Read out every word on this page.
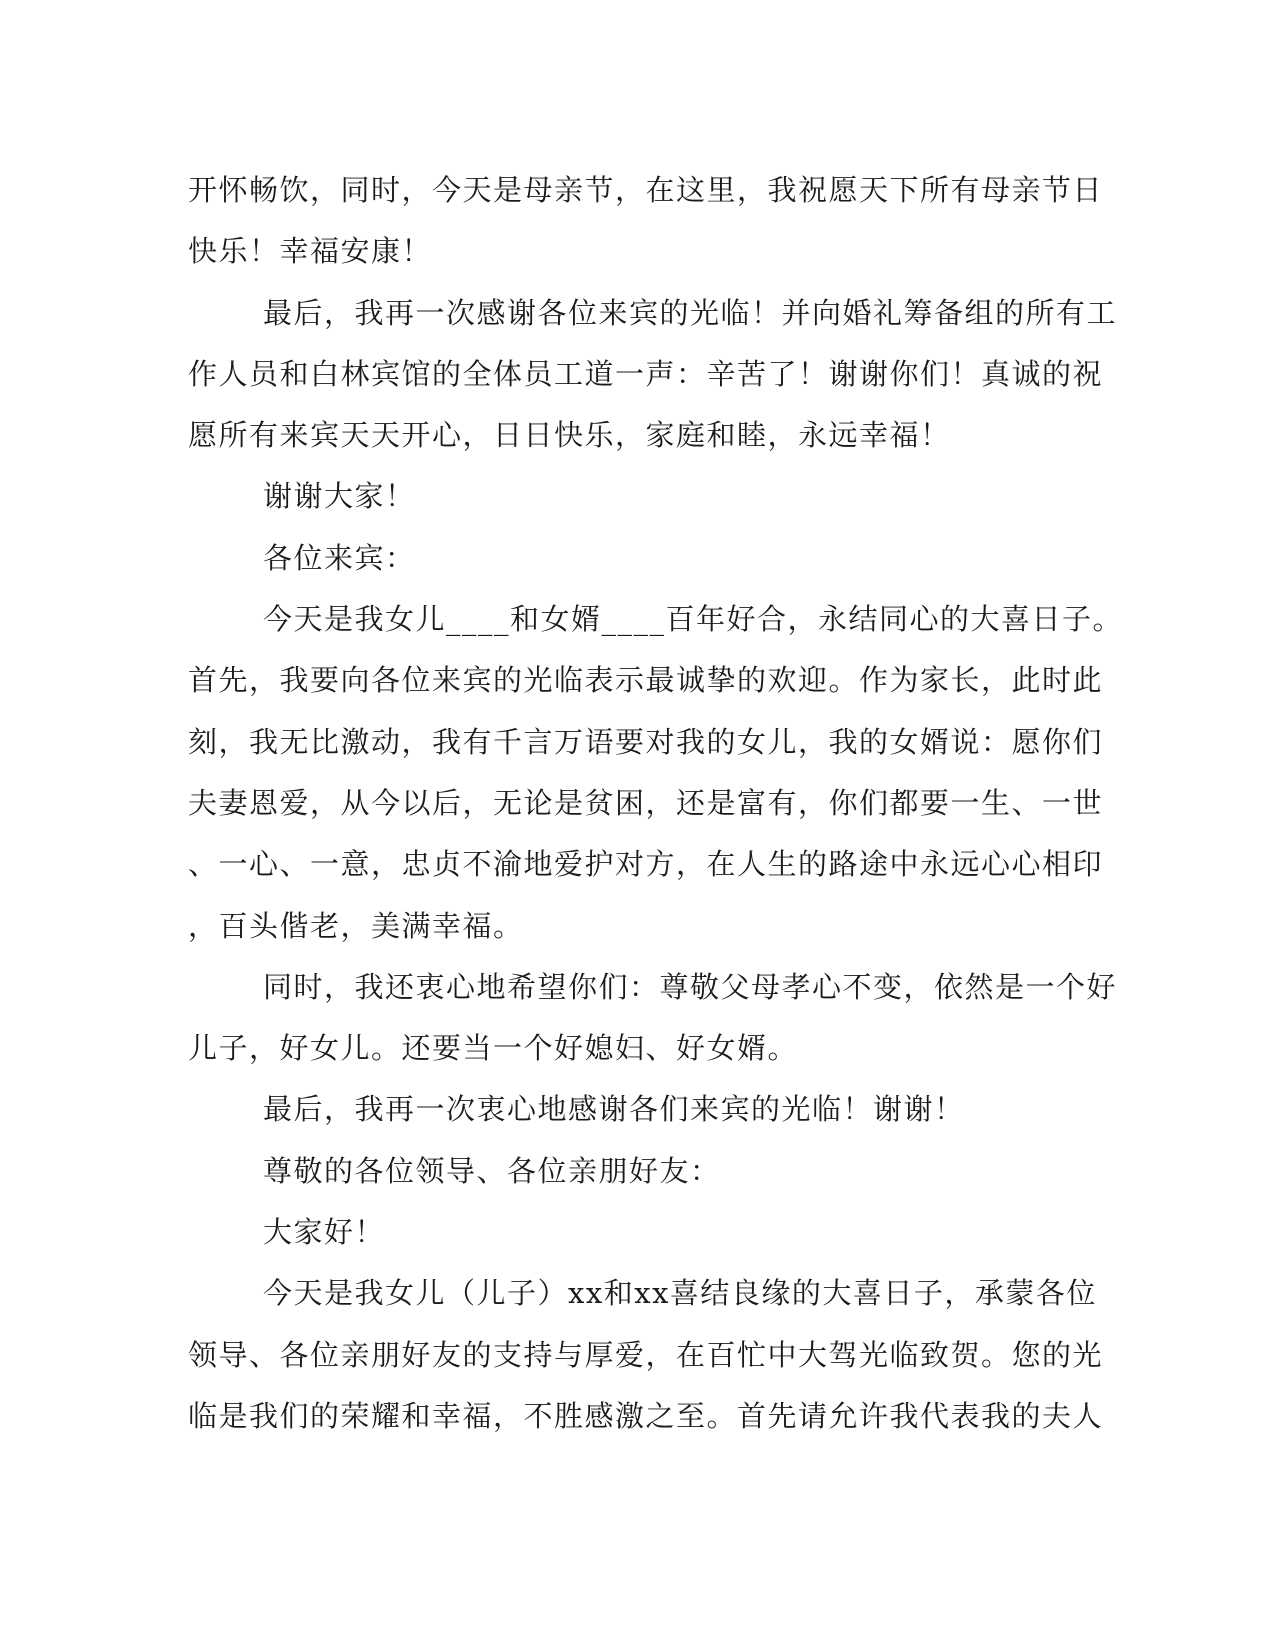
开怀畅饮，同时，今天是母亲节，在这里，我祝愿天下所有母亲节日
快乐！幸福安康！
最后，我再一次感谢各位来宾的光临！并向婚礼筹备组的所有工
作人员和白林宾馆的全体员工道一声：辛苦了！谢谢你们！真诚的祝
愿所有来宾天天开心，日日快乐，家庭和睦，永远幸福！
谢谢大家！
各位来宾：
今天是我女儿____和女婿____百年好合，永结同心的大喜日子。
首先，我要向各位来宾的光临表示最诚挚的欢迎。作为家长，此时此
刻，我无比激动，我有千言万语要对我的女儿，我的女婿说：愿你们
夫妻恩爱，从今以后，无论是贫困，还是富有，你们都要一生、一世
、一心、一意，忠贞不渝地爱护对方，在人生的路途中永远心心相印
，百头偕老，美满幸福。
同时，我还衷心地希望你们：尊敬父母孝心不变，依然是一个好
儿子，好女儿。还要当一个好媳妇、好女婿。
最后，我再一次衷心地感谢各们来宾的光临！谢谢！
尊敬的各位领导、各位亲朋好友：
大家好！
今天是我女儿（儿子）xx和xx喜结良缘的大喜日子，承蒙各位
领导、各位亲朋好友的支持与厚爱，在百忙中大驾光临致贺。您的光
临是我们的荣耀和幸福，不胜感激之至。首先请允许我代表我的夫人
